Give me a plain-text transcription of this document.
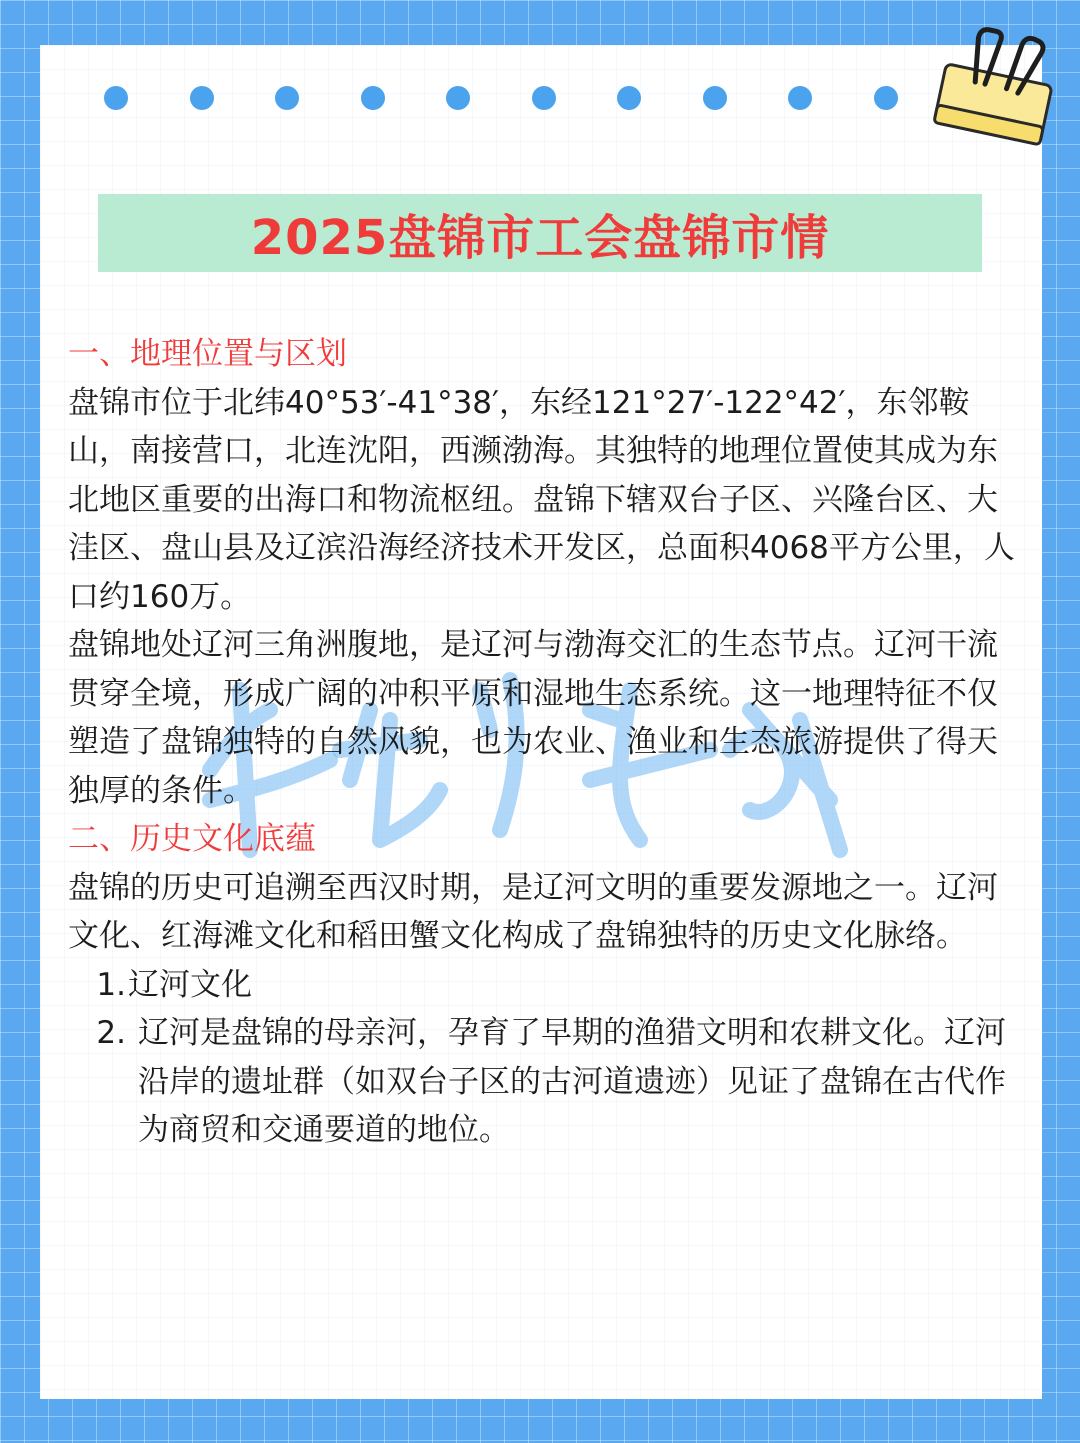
2025盘锦市工会盘锦市情

一、地理位置与区划

盘锦市位于北纬40°53′-41°38′，东经121°27′-122°42′，东邻鞍山，南接营口，北连沈阳，西濒渤海。其独特的地理位置使其成为东北地区重要的出海口和物流枢纽。盘锦下辖双台子区、兴隆台区、大洼区、盘山县及辽滨沿海经济技术开发区，总面积4068平方公里，人口约160万。

盘锦地处辽河三角洲腹地，是辽河与渤海交汇的生态节点。辽河干流贯穿全境，形成广阔的冲积平原和湿地生态系统。这一地理特征不仅塑造了盘锦独特的自然风貌，也为农业、渔业和生态旅游提供了得天独厚的条件。

二、历史文化底蕴

盘锦的历史可追溯至西汉时期，是辽河文明的重要发源地之一。辽河文化、红海滩文化和稻田蟹文化构成了盘锦独特的历史文化脉络。

1. 辽河文化
2. 辽河是盘锦的母亲河，孕育了早期的渔猎文明和农耕文化。辽河沿岸的遗址群（如双台子区的古河道遗迹）见证了盘锦在古代作为商贸和交通要道的地位。
